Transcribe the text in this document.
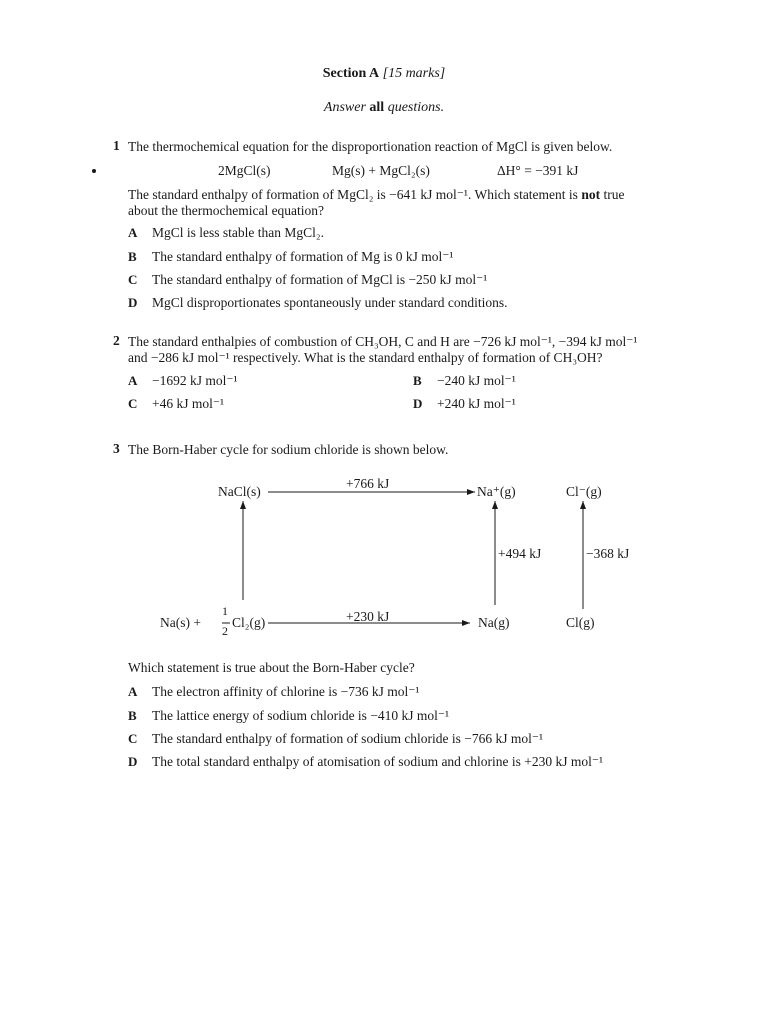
Section A [15 marks]
Answer all questions.
1 The thermochemical equation for the disproportionation reaction of MgCl is given below.
2MgCl(s)	Mg(s) + MgCl₂(s)	ΔH° = −391 kJ
The standard enthalpy of formation of MgCl₂ is −641 kJ mol⁻¹. Which statement is not true
about the thermochemical equation?
A MgCl is less stable than MgCl₂.
B The standard enthalpy of formation of Mg is 0 kJ mol⁻¹
C The standard enthalpy of formation of MgCl is −250 kJ mol⁻¹
D MgCl disproportionates spontaneously under standard conditions.
2 The standard enthalpies of combustion of CH₃OH, C and H are −726 kJ mol⁻¹, −394 kJ mol⁻¹
and −286 kJ mol⁻¹ respectively. What is the standard enthalpy of formation of CH₃OH?
A −1692 kJ mol⁻¹	B −240 kJ mol⁻¹
C +46 kJ mol⁻¹	D +240 kJ mol⁻¹
3 The Born-Haber cycle for sodium chloride is shown below.
NaCl(s)
+766 kJ
Na⁺(g)	Cl⁻(g)
+494 kJ	−368 kJ
Na(s) +
1
2
Cl₂(g)	+230 kJ	Na(g)	Cl(g)
Which statement is true about the Born-Haber cycle?
A The electron affinity of chlorine is −736 kJ mol⁻¹
B The lattice energy of sodium chloride is −410 kJ mol⁻¹
C The standard enthalpy of formation of sodium chloride is −766 kJ mol⁻¹
D The total standard enthalpy of atomisation of sodium and chlorine is +230 kJ mol⁻¹
